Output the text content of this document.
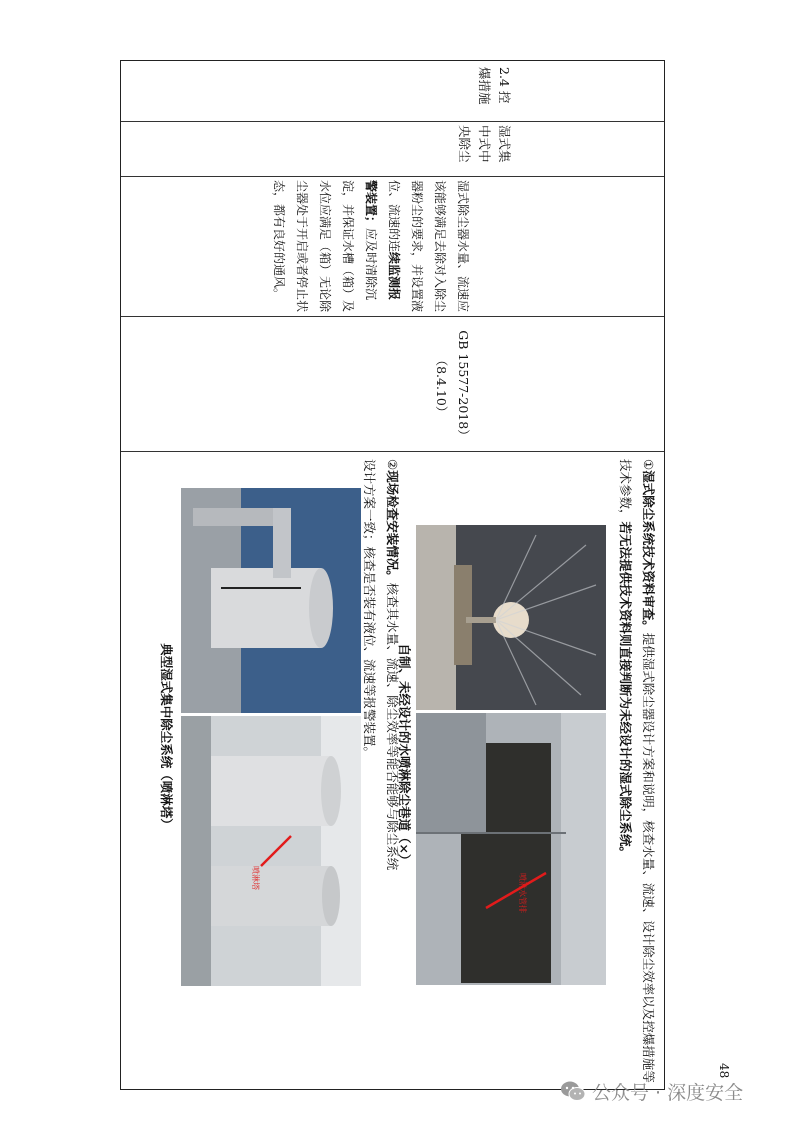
2.4 控爆措施
湿式集中式中央除尘
湿式除尘器水量、流速应该能够满足去除对入除尘器粉尘的要求，并设置液位、流速的连续监测报警装置；应及时清除沉淀，并保证水槽（箱）及水位应满足（箱）无论除尘器处于开启或者停止状态，都有良好的通风。
GB 15577-2018）
（8.4.10）
①湿式除尘系统技术资料审查。提供湿式除尘器设计方案和说明，核查水量、流速、设计除尘效率以及控爆措施等技术参数，若无法提供技术资料则直接判断为未经设计的湿式除尘系统。
喷淋水管排
自制、未经设计的水喷淋除尘巷道（×）
②现场检查安装情况。核查其水量、流速、除尘效率等能否能够与除尘系统设计方案一致；核查是否装有液位、流速等报警装置。
喷淋塔
典型湿式集中除尘系统（喷淋塔）
48
公众号 · 深度安全
